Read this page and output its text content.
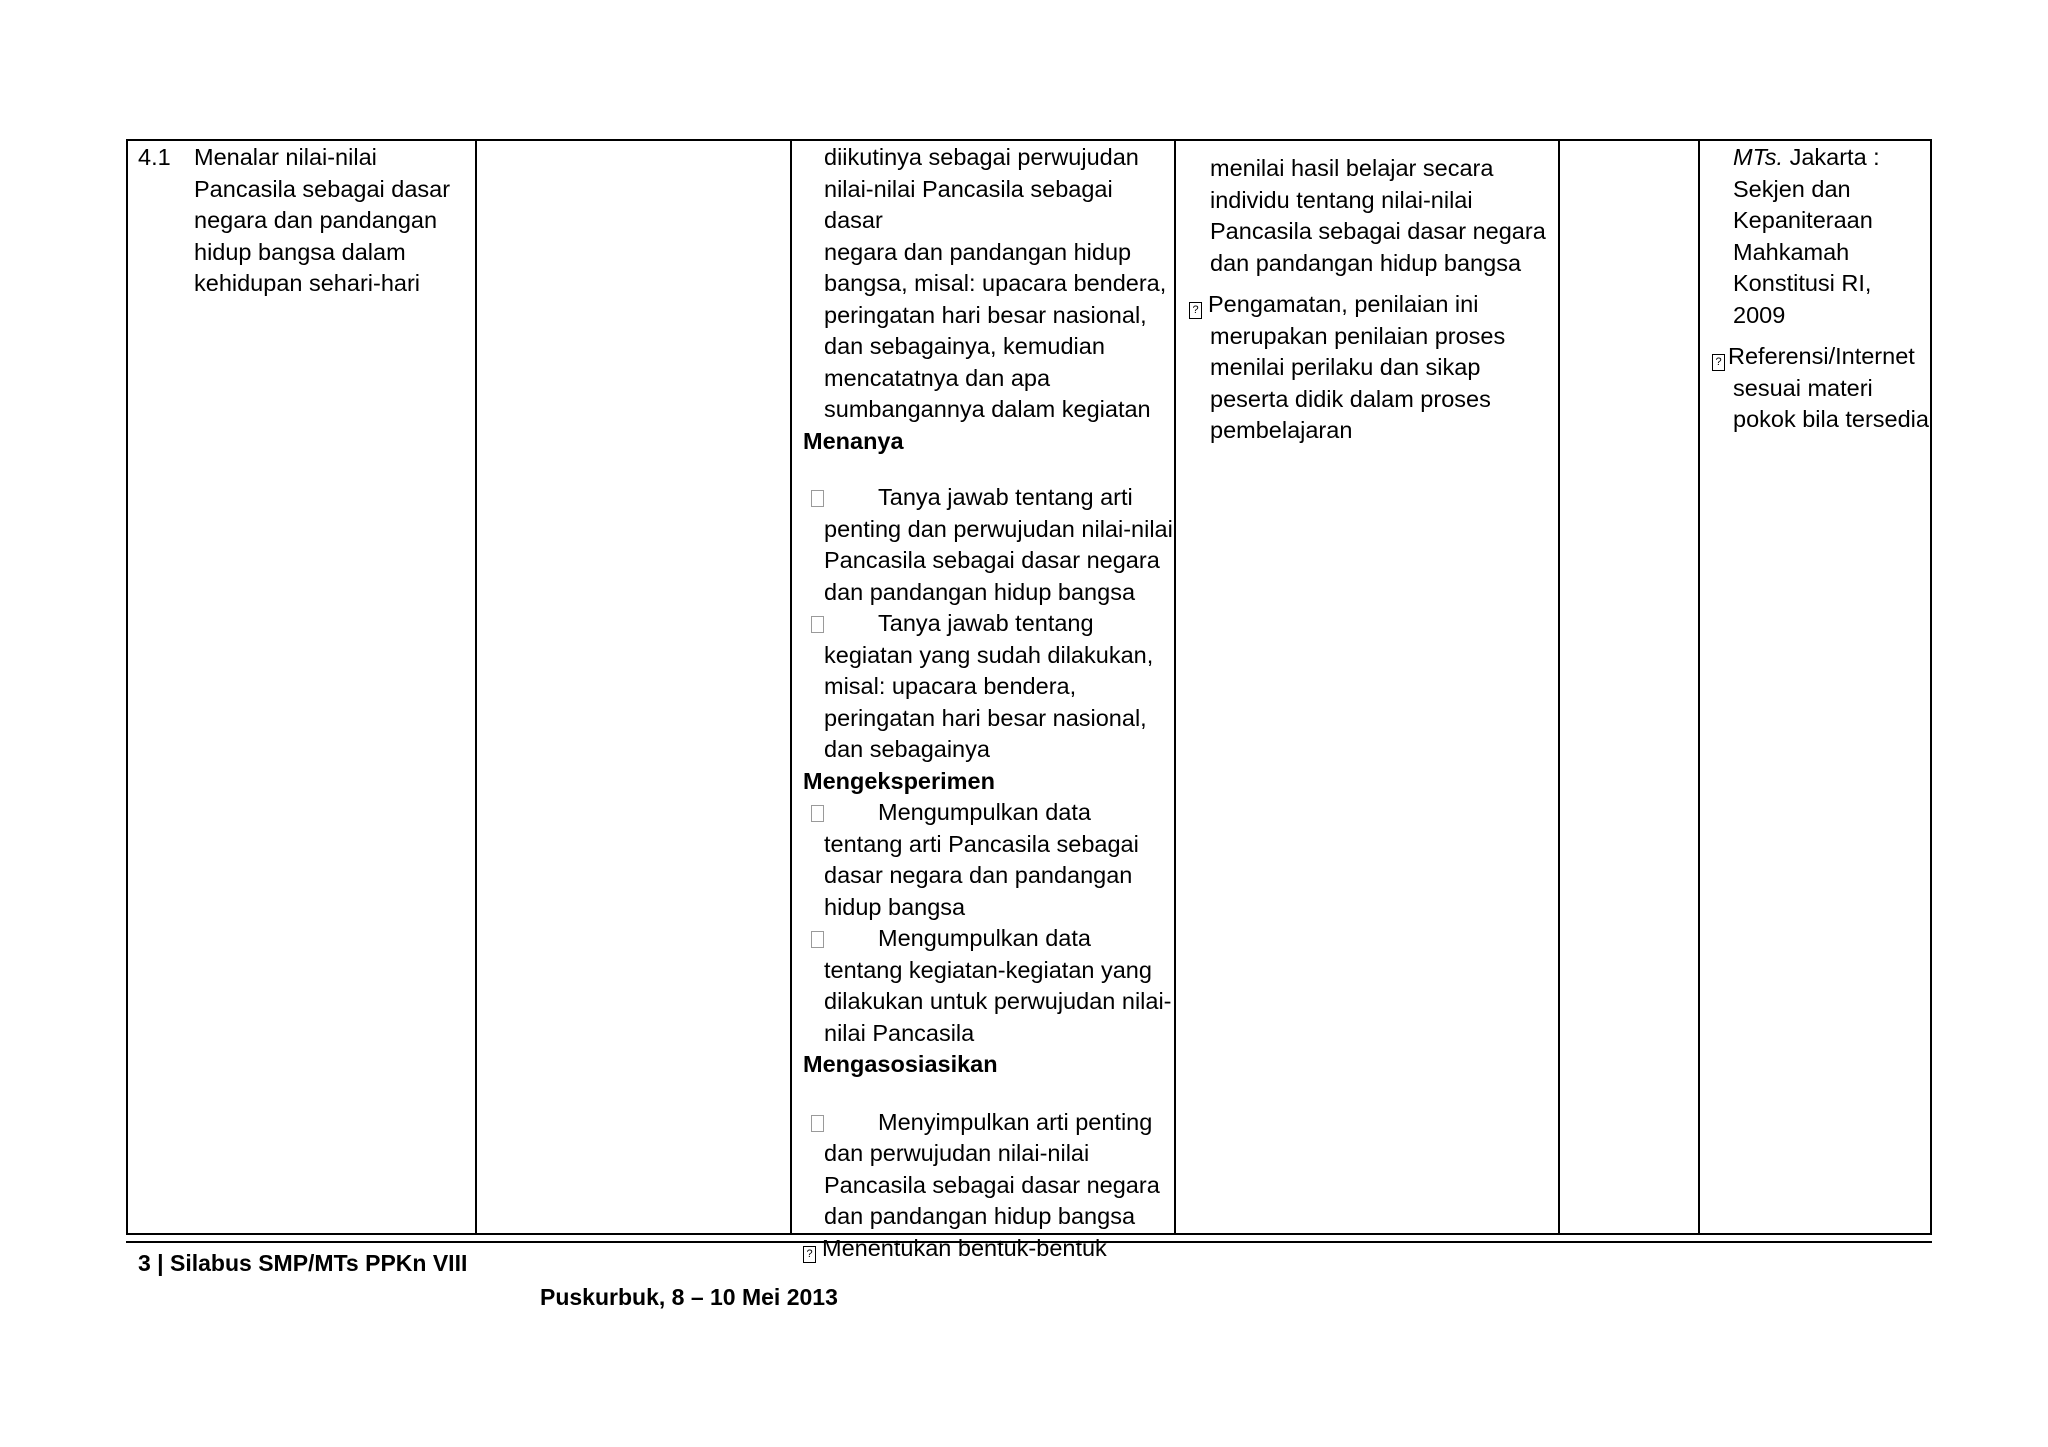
4.1 Menalar nilai-nilai

Pancasila sebagai dasar

negara dan pandangan

hidup bangsa dalam

kehidupan sehari-hari

diikutinya sebagai perwujudan

nilai-nilai Pancasila sebagai dasar

negara dan pandangan hidup

bangsa, misal: upacara bendera,

peringatan hari besar nasional,

dan sebagainya, kemudian

mencatatnya dan apa

sumbangannya dalam kegiatan

Menanya

Tanya jawab tentang arti

penting dan perwujudan nilai-nilai

Pancasila sebagai dasar negara

dan pandangan hidup bangsa

Tanya jawab tentang

kegiatan yang sudah dilakukan,

misal: upacara bendera,

peringatan hari besar nasional,

dan sebagainya

Mengeksperimen

Mengumpulkan data

tentang arti Pancasila sebagai

dasar negara dan pandangan

hidup bangsa

Mengumpulkan data

tentang kegiatan-kegiatan yang

dilakukan untuk perwujudan nilai-

nilai Pancasila

Mengasosiasikan

Menyimpulkan arti penting

dan perwujudan nilai-nilai

Pancasila sebagai dasar negara

dan pandangan hidup bangsa

? Menentukan bentuk-bentuk

menilai hasil belajar secara

individu tentang nilai-nilai

Pancasila sebagai dasar negara

dan pandangan hidup bangsa

? Pengamatan, penilaian ini

merupakan penilaian proses

menilai perilaku dan sikap

peserta didik dalam proses

pembelajaran

MTs. Jakarta :

Sekjen dan

Kepaniteraan

Mahkamah

Konstitusi RI, 2009

? Referensi/Internet

sesuai materi

pokok bila tersedia

3 | Silabus SMP/MTs PPKn VIII
Puskurbuk, 8 – 10 Mei 2013
